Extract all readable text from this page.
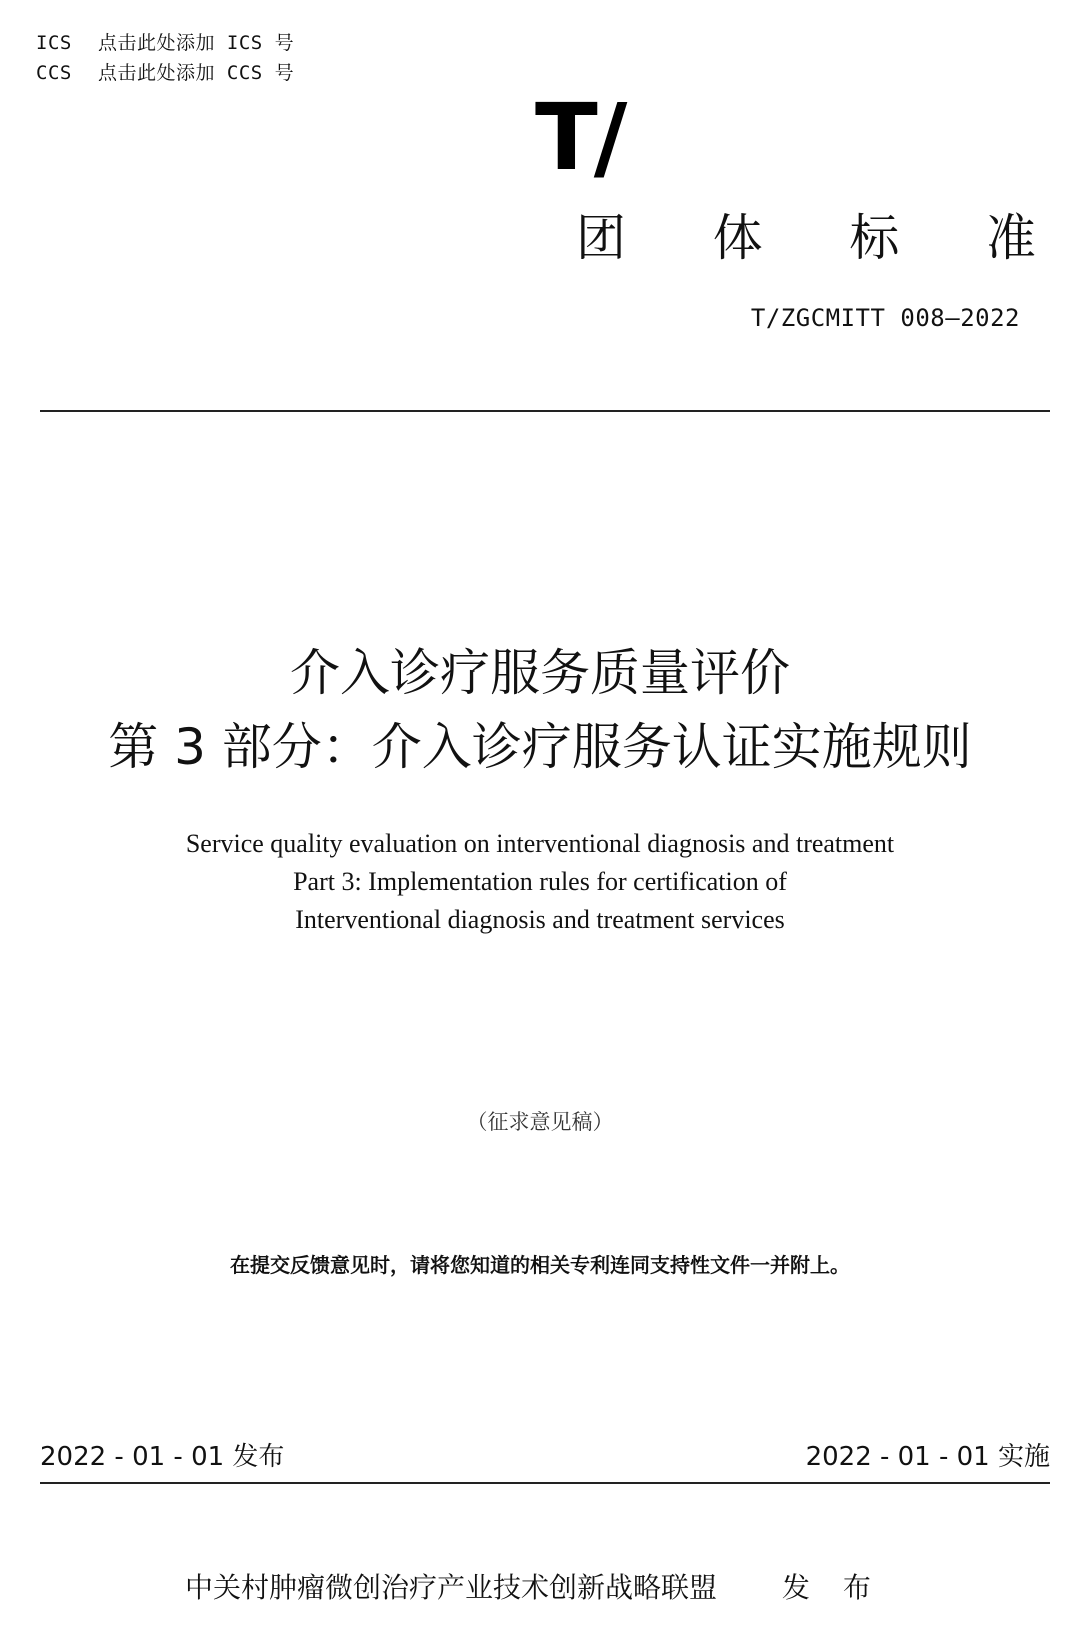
ICS 点击此处添加 ICS 号
CCS 点击此处添加 CCS 号
T/
团 体 标 准
T/ZGCMITT 008—2022
介入诊疗服务质量评价
第 3 部分：介入诊疗服务认证实施规则
Service quality evaluation on interventional diagnosis and treatment
Part 3: Implementation rules for certification of
Interventional diagnosis and treatment services
（征求意见稿）
在提交反馈意见时，请将您知道的相关专利连同支持性文件一并附上。
2022 - 01 - 01 发布	2022 - 01 - 01 实施
中关村肿瘤微创治疗产业技术创新战略联盟 发 布
